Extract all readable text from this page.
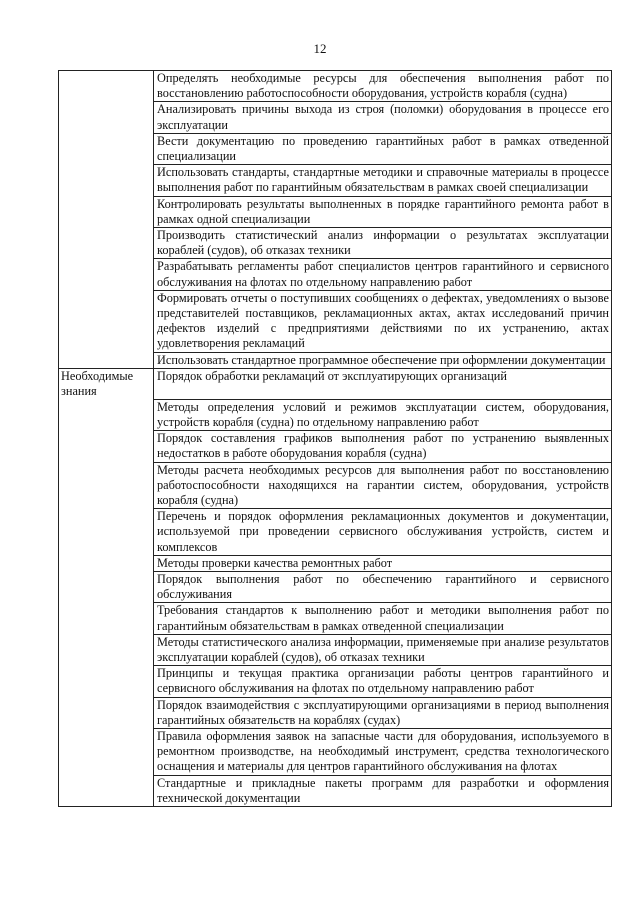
12
	Определять необходимые ресурсы для обеспечения выполнения работ по восстановлению работоспособности оборудования, устройств корабля (судна)
	Анализировать причины выхода из строя (поломки) оборудования в процессе его эксплуатации
	Вести документацию по проведению гарантийных работ в рамках отведенной специализации
	Использовать стандарты, стандартные методики и справочные материалы в процессе выполнения работ по гарантийным обязательствам в рамках своей специализации
	Контролировать результаты выполненных в порядке гарантийного ремонта работ в рамках одной специализации
	Производить статистический анализ информации о результатах эксплуатации кораблей (судов), об отказах техники
	Разрабатывать регламенты работ специалистов центров гарантийного и сервисного обслуживания на флотах по отдельному направлению работ
	Формировать отчеты о поступивших сообщениях о дефектах, уведомлениях о вызове представителей поставщиков, рекламационных актах, актах исследований причин дефектов изделий с предприятиями действиями по их устранению, актах удовлетворения рекламаций
	Использовать стандартное программное обеспечение при оформлении документации
Необходимые знания	Порядок обработки рекламаций от эксплуатирующих организаций
	Методы определения условий и режимов эксплуатации систем, оборудования, устройств корабля (судна) по отдельному направлению работ
	Порядок составления графиков выполнения работ по устранению выявленных недостатков в работе оборудования корабля (судна)
	Методы расчета необходимых ресурсов для выполнения работ по восстановлению работоспособности находящихся на гарантии систем, оборудования, устройств корабля (судна)
	Перечень и порядок оформления рекламационных документов и документации, используемой при проведении сервисного обслуживания устройств, систем и комплексов
	Методы проверки качества ремонтных работ
	Порядок выполнения работ по обеспечению гарантийного и сервисного обслуживания
	Требования стандартов к выполнению работ и методики выполнения работ по гарантийным обязательствам в рамках отведенной специализации
	Методы статистического анализа информации, применяемые при анализе результатов эксплуатации кораблей (судов), об отказах техники
	Принципы и текущая практика организации работы центров гарантийного и сервисного обслуживания на флотах по отдельному направлению работ
	Порядок взаимодействия с эксплуатирующими организациями в период выполнения гарантийных обязательств на кораблях (судах)
	Правила оформления заявок на запасные части для оборудования, используемого в ремонтном производстве, на необходимый инструмент, средства технологического оснащения и материалы для центров гарантийного обслуживания на флотах
	Стандартные и прикладные пакеты программ для разработки и оформления технической документации
